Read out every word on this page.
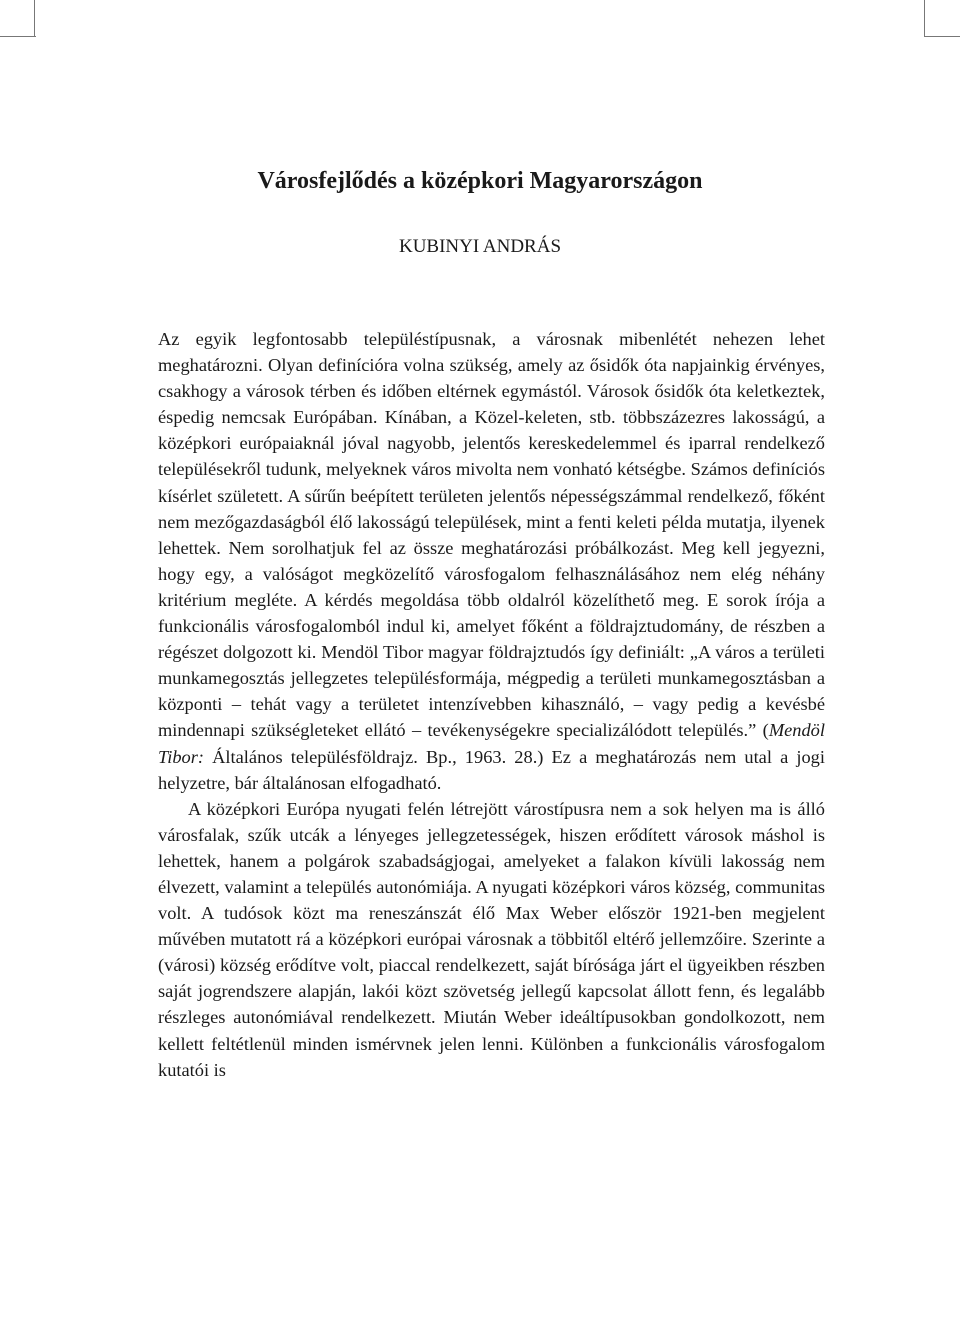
Városfejlődés a középkori Magyarországon
KUBINYI ANDRÁS

Az egyik legfontosabb településtípusnak, a városnak mibenlétét nehezen lehet meghatározni. Olyan definícióra volna szükség, amely az ősidők óta napjainkig érvényes, csakhogy a városok térben és időben eltérnek egymástól. Városok ősidők óta keletkeztek, éspedig nemcsak Európában. Kínában, a Közel-keleten, stb. többszázezres lakosságú, a középkori európaiaknál jóval nagyobb, jelentős kereskedelemmel és iparral rendelkező településekről tudunk, melyeknek város mivolta nem vonható kétségbe. Számos definíciós kísérlet született. A sűrűn beépített területen jelentős népességszámmal rendelkező, főként nem mezőgazdaságból élő lakosságú települések, mint a fenti keleti példa mutatja, ilyenek lehettek. Nem sorolhatjuk fel az össze meghatározási próbálkozást. Meg kell jegyezni, hogy egy, a valóságot megközelítő városfogalom felhasználásához nem elég néhány kritérium megléte. A kérdés megoldása több oldalról közelíthető meg. E sorok írója a funkcionális városfogalomból indul ki, amelyet főként a földrajztudomány, de részben a régészet dolgozott ki. Mendöl Tibor magyar földrajztudós így definiált: „A város a területi munkamegosztás jellegzetes településformája, mégpedig a területi munkamegosztásban a központi – tehát vagy a területet intenzívebben kihasználó, – vagy pedig a kevésbé mindennapi szükségleteket ellátó – tevékenységekre specializálódott település.” (Mendöl Tibor: Általános településföldrajz. Bp., 1963. 28.) Ez a meghatározás nem utal a jogi helyzetre, bár általánosan elfogadható.

A középkori Európa nyugati felén létrejött várostípusra nem a sok helyen ma is álló városfalak, szűk utcák a lényeges jellegzetességek, hiszen erődített városok máshol is lehettek, hanem a polgárok szabadságjogai, amelyeket a falakon kívüli lakosság nem élvezett, valamint a település autonómiája. A nyugati középkori város község, communitas volt. A tudósok közt ma reneszánszát élő Max Weber először 1921-ben megjelent művében mutatott rá a középkori európai városnak a többitől eltérő jellemzőire. Szerinte a (városi) község erődítve volt, piaccal rendelkezett, saját bírósága járt el ügyeikben részben saját jogrendszere alapján, lakói közt szövetség jellegű kapcsolat állott fenn, és legalább részleges autonómiával rendelkezett. Miután Weber ideáltípusokban gondolkozott, nem kellett feltétlenül minden ismérvnek jelen lenni. Különben a funkcionális városfogalom kutatói is
